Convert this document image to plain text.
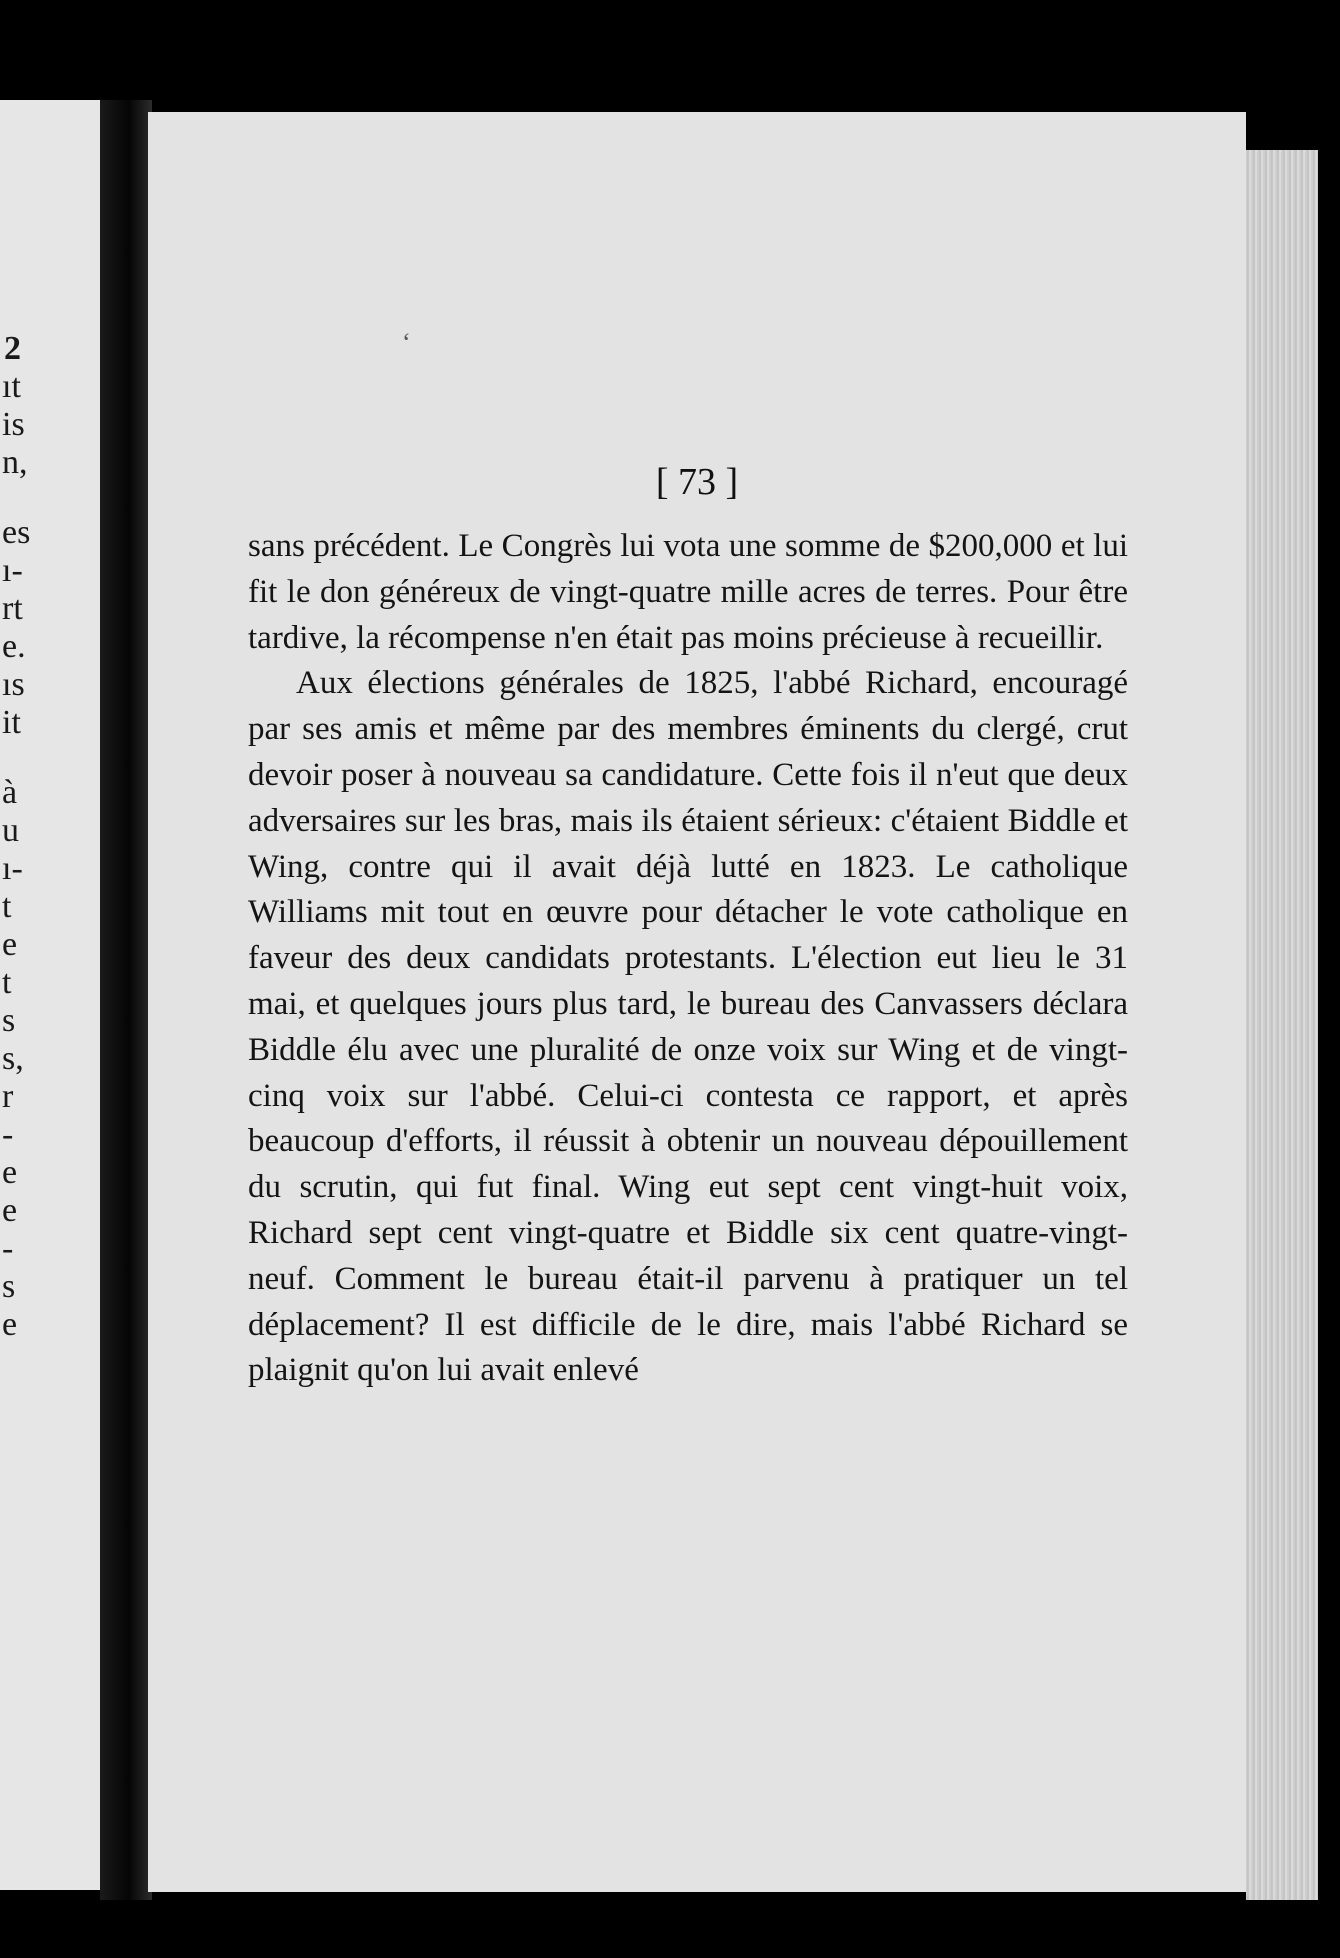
2
ıt
is
n,
es
ı-
rt
e.
ıs
it
à
u
ı-
t
e
t
s
s,
r
-
e
e
-
s
e
[ 73 ]

sans précédent. Le Congrès lui vota une somme de $200,000 et lui fit le don généreux de vingt-quatre mille acres de terres. Pour être tardive, la récompense n'en était pas moins précieuse à recueillir.

Aux élections générales de 1825, l'abbé Richard, encouragé par ses amis et même par des membres éminents du clergé, crut devoir poser à nouveau sa candidature. Cette fois il n'eut que deux adversaires sur les bras, mais ils étaient sérieux: c'étaient Biddle et Wing, contre qui il avait déjà lutté en 1823. Le catholique Williams mit tout en œuvre pour détacher le vote catholique en faveur des deux candidats protestants. L'élection eut lieu le 31 mai, et quelques jours plus tard, le bureau des Canvassers déclara Biddle élu avec une pluralité de onze voix sur Wing et de vingt-cinq voix sur l'abbé. Celui-ci contesta ce rapport, et après beaucoup d'efforts, il réussit à obtenir un nouveau dépouillement du scrutin, qui fut final. Wing eut sept cent vingt-huit voix, Richard sept cent vingt-quatre et Biddle six cent quatre-vingt-neuf. Comment le bureau était-il parvenu à pratiquer un tel déplacement? Il est difficile de le dire, mais l'abbé Richard se plaignit qu'on lui avait enlevé

ʻ
